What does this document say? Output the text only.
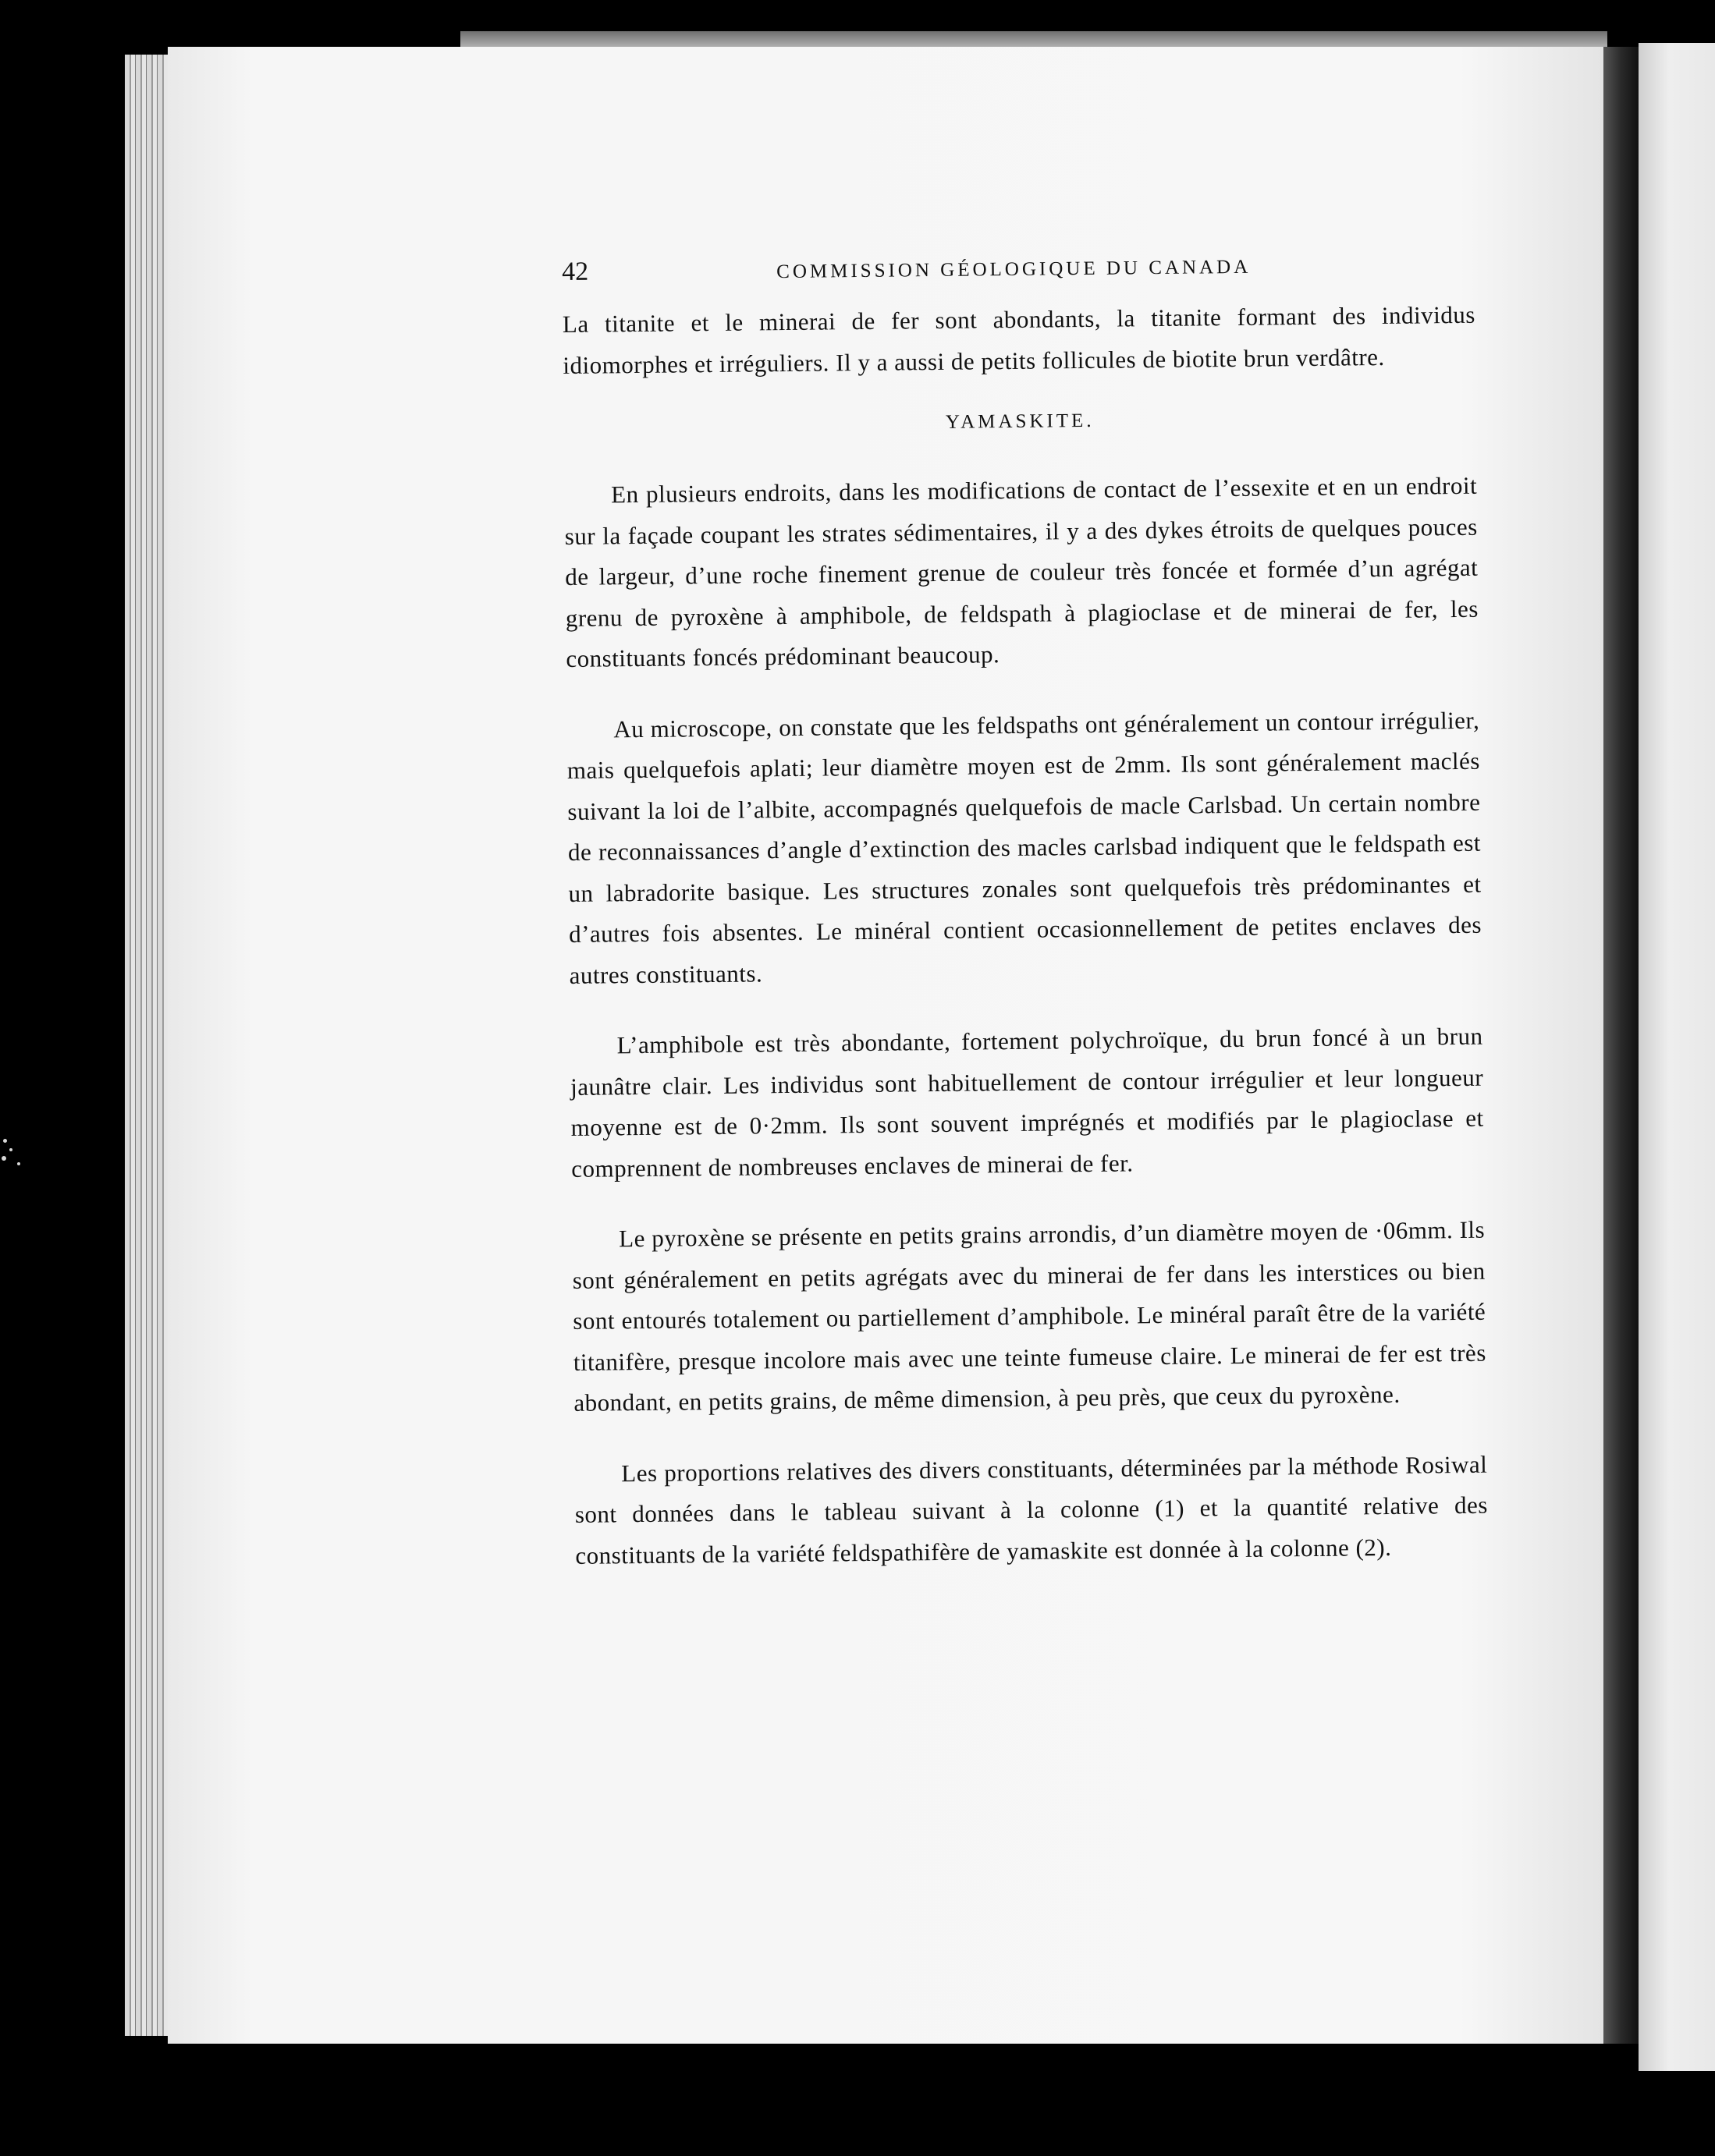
42	COMMISSION GÉOLOGIQUE DU CANADA

La titanite et le minerai de fer sont abondants, la titanite formant des individus idiomorphes et irréguliers. Il y a aussi de petits follicules de biotite brun verdâtre.

YAMASKITE.

En plusieurs endroits, dans les modifications de contact de l’essexite et en un endroit sur la façade coupant les strates sédimentaires, il y a des dykes étroits de quelques pouces de largeur, d’une roche finement grenue de couleur très foncée et formée d’un agrégat grenu de pyroxène à amphibole, de feldspath à plagioclase et de minerai de fer, les constituants foncés prédominant beaucoup.

Au microscope, on constate que les feldspaths ont généralement un contour irrégulier, mais quelquefois aplati; leur diamètre moyen est de 2mm. Ils sont généralement maclés suivant la loi de l’albite, accompagnés quelquefois de macle Carlsbad. Un certain nombre de reconnaissances d’angle d’extinction des macles carlsbad indiquent que le feldspath est un labradorite basique. Les structures zonales sont quelquefois très prédominantes et d’autres fois absentes. Le minéral contient occasionnellement de petites enclaves des autres constituants.

L’amphibole est très abondante, fortement polychroïque, du brun foncé à un brun jaunâtre clair. Les individus sont habituellement de contour irrégulier et leur longueur moyenne est de 0·2mm. Ils sont souvent imprégnés et modifiés par le plagioclase et comprennent de nombreuses enclaves de minerai de fer.

Le pyroxène se présente en petits grains arrondis, d’un diamètre moyen de ·06mm. Ils sont généralement en petits agrégats avec du minerai de fer dans les interstices ou bien sont entourés totalement ou partiellement d’amphibole. Le minéral paraît être de la variété titanifère, presque incolore mais avec une teinte fumeuse claire. Le minerai de fer est très abondant, en petits grains, de même dimension, à peu près, que ceux du pyroxène.

Les proportions relatives des divers constituants, déterminées par la méthode Rosiwal sont données dans le tableau suivant à la colonne (1) et la quantité relative des constituants de la variété feldspathifère de yamaskite est donnée à la colonne (2).
